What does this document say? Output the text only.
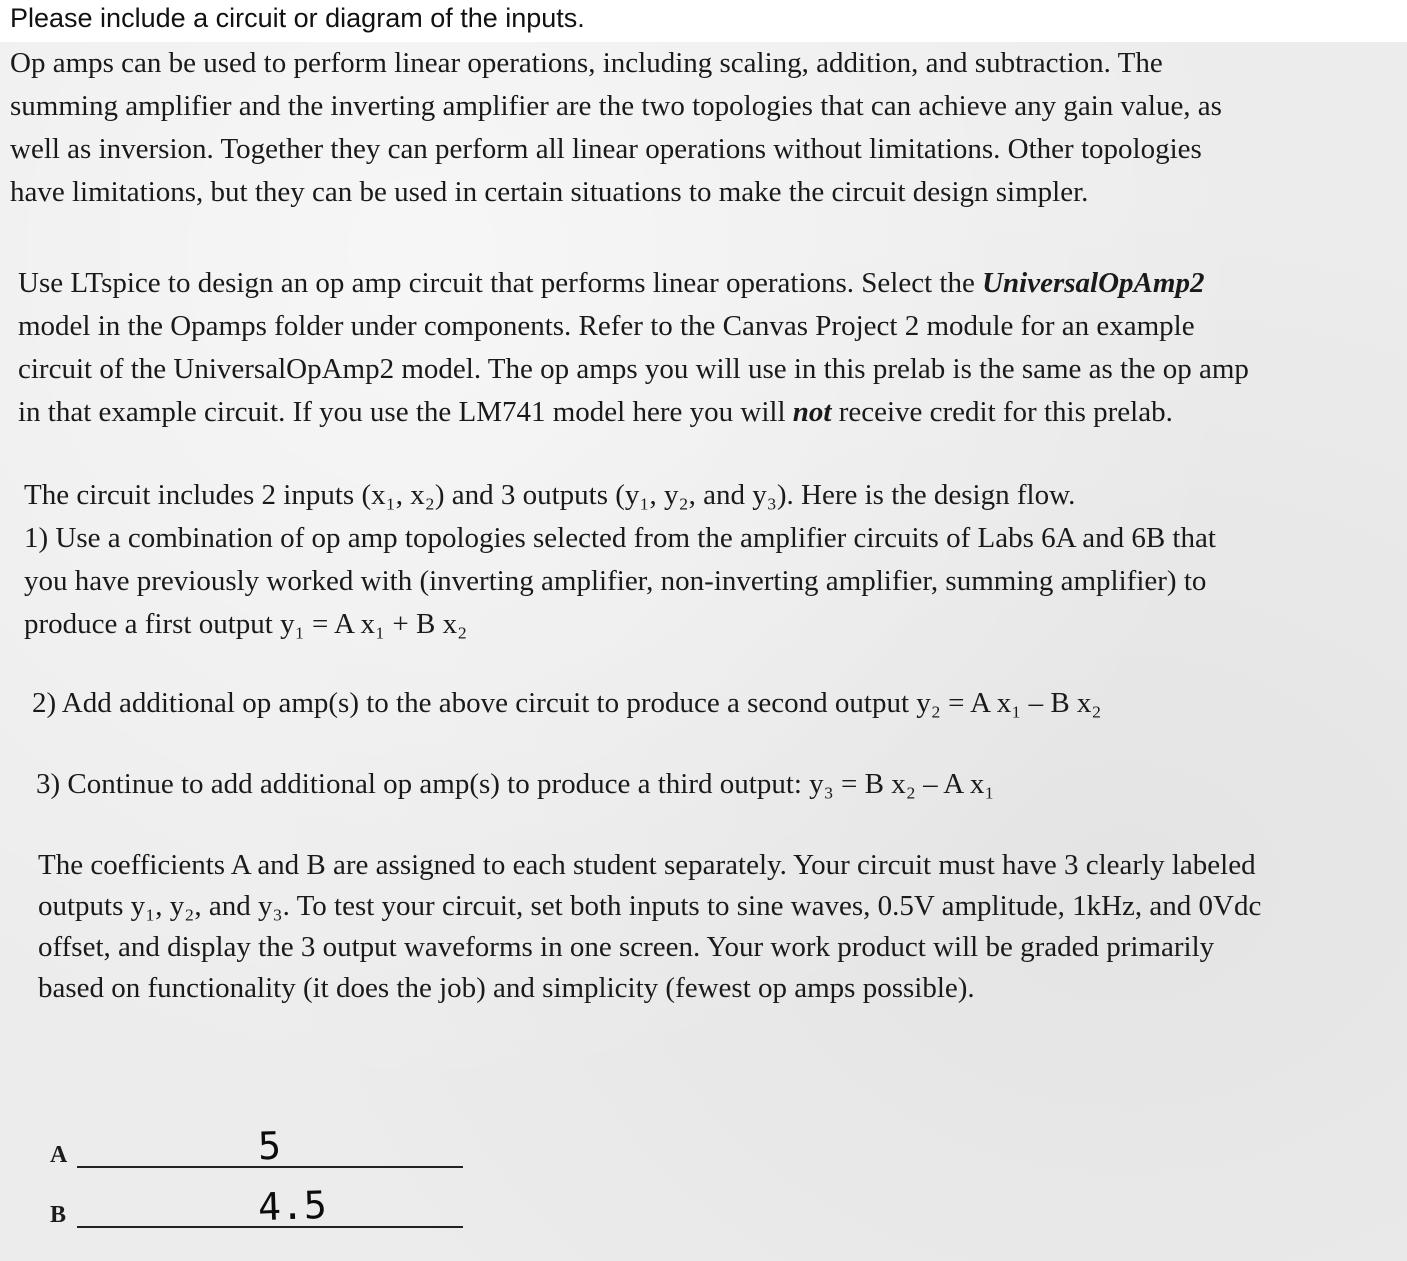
Please include a circuit or diagram of the inputs.
Op amps can be used to perform linear operations, including scaling, addition, and subtraction. The
summing amplifier and the inverting amplifier are the two topologies that can achieve any gain value, as
well as inversion. Together they can perform all linear operations without limitations. Other topologies
have limitations, but they can be used in certain situations to make the circuit design simpler.
Use LTspice to design an op amp circuit that performs linear operations. Select the UniversalOpAmp2
model in the Opamps folder under components. Refer to the Canvas Project 2 module for an example
circuit of the UniversalOpAmp2 model. The op amps you will use in this prelab is the same as the op amp
in that example circuit. If you use the LM741 model here you will not receive credit for this prelab.
The circuit includes 2 inputs (x₁, x₂) and 3 outputs (y₁, y₂, and y₃). Here is the design flow.
1) Use a combination of op amp topologies selected from the amplifier circuits of Labs 6A and 6B that
you have previously worked with (inverting amplifier, non-inverting amplifier, summing amplifier) to
produce a first output y₁ = A x₁ + B x₂
2) Add additional op amp(s) to the above circuit to produce a second output y₂ = A x₁ – B x₂
3) Continue to add additional op amp(s) to produce a third output: y₃ = B x₂ – A x₁
The coefficients A and B are assigned to each student separately. Your circuit must have 3 clearly labeled
outputs y₁, y₂, and y₃. To test your circuit, set both inputs to sine waves, 0.5V amplitude, 1kHz, and 0Vdc
offset, and display the 3 output waveforms in one screen. Your work product will be graded primarily
based on functionality (it does the job) and simplicity (fewest op amps possible).
A	5
B	4.5
